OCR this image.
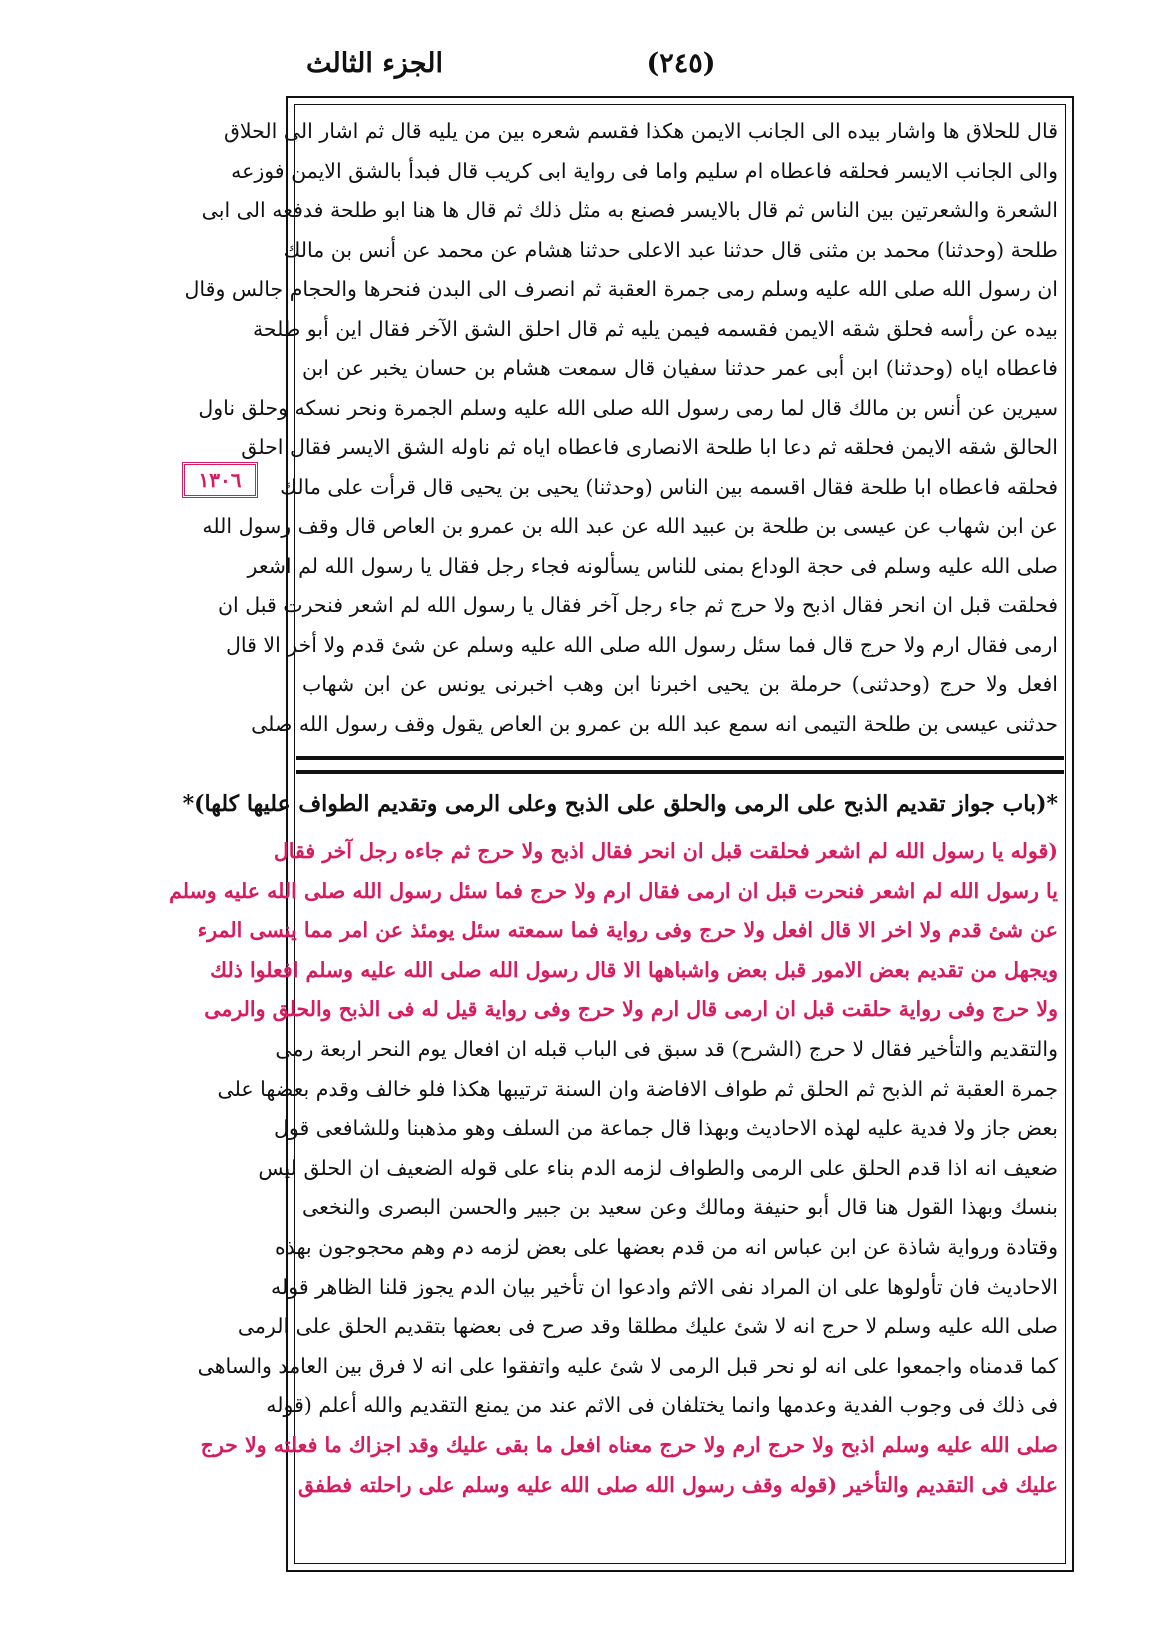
(٢٤٥)
الجزء الثالث
١٣٠٦
قال للحلاق ها واشار بيده الى الجانب الايمن هكذا فقسم شعره بين من يليه قال ثم اشار الى الحلاق
والى الجانب الايسر فحلقه فاعطاه ام سليم واما فى رواية ابى كريب قال فبدأ بالشق الايمن فوزعه
الشعرة والشعرتين بين الناس ثم قال بالايسر فصنع به مثل ذلك ثم قال ها هنا ابو طلحة فدفعه الى ابى
طلحة (وحدثنا) محمد بن مثنى قال حدثنا عبد الاعلى حدثنا هشام عن محمد عن أنس بن مالك
ان رسول الله صلى الله عليه وسلم رمى جمرة العقبة ثم انصرف الى البدن فنحرها والحجام جالس وقال
بيده عن رأسه فحلق شقه الايمن فقسمه فيمن يليه ثم قال احلق الشق الآخر فقال اين أبو طلحة
فاعطاه اياه (وحدثنا) ابن أبى عمر حدثنا سفيان قال سمعت هشام بن حسان يخبر عن ابن
سيرين عن أنس بن مالك قال لما رمى رسول الله صلى الله عليه وسلم الجمرة ونحر نسكه وحلق ناول
الحالق شقه الايمن فحلقه ثم دعا ابا طلحة الانصارى فاعطاه اياه ثم ناوله الشق الايسر فقال احلق
فحلقه فاعطاه ابا طلحة فقال اقسمه بين الناس (وحدثنا) يحيى بن يحيى قال قرأت على مالك
عن ابن شهاب عن عيسى بن طلحة بن عبيد الله عن عبد الله بن عمرو بن العاص قال وقف رسول الله
صلى الله عليه وسلم فى حجة الوداع بمنى للناس يسألونه فجاء رجل فقال يا رسول الله لم اشعر
فحلقت قبل ان انحر فقال اذبح ولا حرج ثم جاء رجل آخر فقال يا رسول الله لم اشعر فنحرت قبل ان
ارمى فقال ارم ولا حرج قال فما سئل رسول الله صلى الله عليه وسلم عن شئ قدم ولا أخر الا قال
افعل ولا حرج (وحدثنى) حرملة بن يحيى اخبرنا ابن وهب اخبرنى يونس عن ابن شهاب
حدثنى عيسى بن طلحة التيمى انه سمع عبد الله بن عمرو بن العاص يقول وقف رسول الله صلى
*(باب جواز تقديم الذبح على الرمى والحلق على الذبح وعلى الرمى وتقديم الطواف عليها كلها)*
(قوله يا رسول الله لم اشعر فحلقت قبل ان انحر فقال اذبح ولا حرج ثم جاءه رجل آخر فقال
يا رسول الله لم اشعر فنحرت قبل ان ارمى فقال ارم ولا حرج فما سئل رسول الله صلى الله عليه وسلم
عن شئ قدم ولا اخر الا قال افعل ولا حرج وفى رواية فما سمعته سئل يومئذ عن امر مما ينسى المرء
ويجهل من تقديم بعض الامور قبل بعض واشباهها الا قال رسول الله صلى الله عليه وسلم افعلوا ذلك
ولا حرج وفى رواية حلقت قبل ان ارمى قال ارم ولا حرج وفى رواية قيل له فى الذبح والحلق والرمى
والتقديم والتأخير فقال لا حرج (الشرح) قد سبق فى الباب قبله ان افعال يوم النحر اربعة رمى
جمرة العقبة ثم الذبح ثم الحلق ثم طواف الافاضة وان السنة ترتيبها هكذا فلو خالف وقدم بعضها على
بعض جاز ولا فدية عليه لهذه الاحاديث وبهذا قال جماعة من السلف وهو مذهبنا وللشافعى قول
ضعيف انه اذا قدم الحلق على الرمى والطواف لزمه الدم بناء على قوله الضعيف ان الحلق ليس
بنسك وبهذا القول هنا قال أبو حنيفة ومالك وعن سعيد بن جبير والحسن البصرى والنخعى
وقتادة ورواية شاذة عن ابن عباس انه من قدم بعضها على بعض لزمه دم وهم محجوجون بهذه
الاحاديث فان تأولوها على ان المراد نفى الاثم وادعوا ان تأخير بيان الدم يجوز قلنا الظاهر قوله
صلى الله عليه وسلم لا حرج انه لا شئ عليك مطلقا وقد صرح فى بعضها بتقديم الحلق على الرمى
كما قدمناه واجمعوا على انه لو نحر قبل الرمى لا شئ عليه واتفقوا على انه لا فرق بين العامد والساهى
فى ذلك فى وجوب الفدية وعدمها وانما يختلفان فى الاثم عند من يمنع التقديم والله أعلم (قوله
صلى الله عليه وسلم اذبح ولا حرج ارم ولا حرج معناه افعل ما بقى عليك وقد اجزاك ما فعلته ولا حرج
عليك فى التقديم والتأخير (قوله وقف رسول الله صلى الله عليه وسلم على راحلته فطفق
